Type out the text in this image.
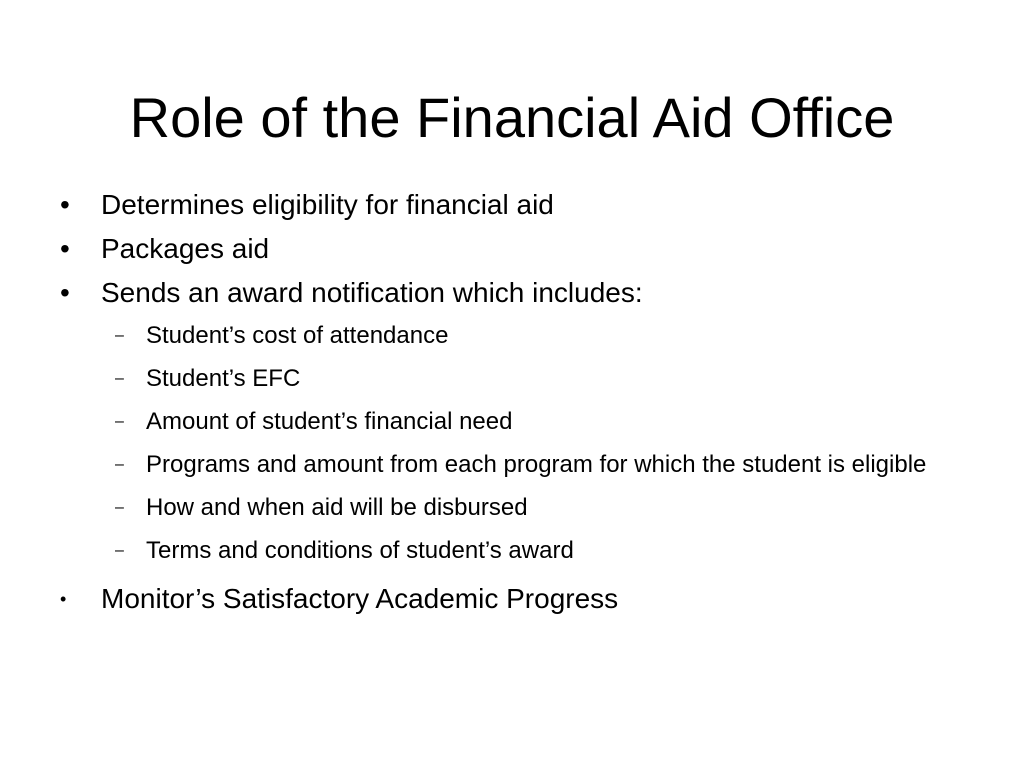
Role of the Financial Aid Office
•	Determines eligibility for financial aid
•	Packages aid
•	Sends an award notification which includes:
– Student’s cost of attendance
– Student’s EFC
– Amount of student’s financial need
– Programs and amount from each program for which the student is eligible
– How and when aid will be disbursed
– Terms and conditions of student’s award
•	Monitor’s Satisfactory Academic Progress
